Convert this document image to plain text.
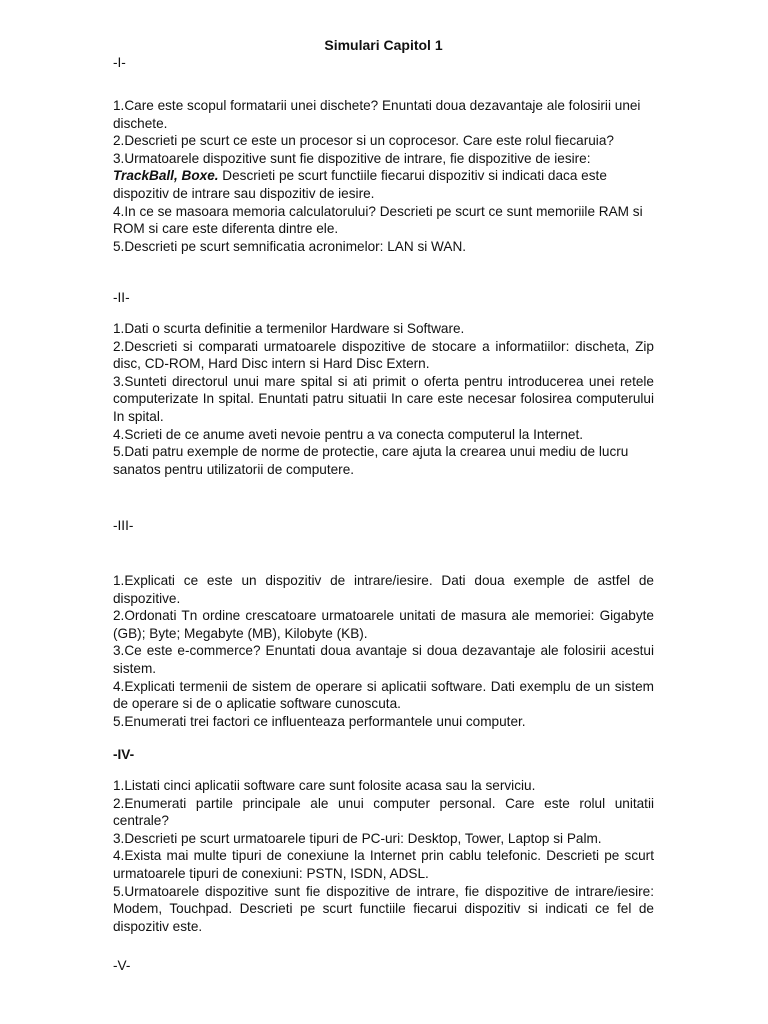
Simulari Capitol 1
-I-

1.Care este scopul formatarii unei dischete? Enuntati doua dezavantaje ale folosirii unei dischete.

2.Descrieti pe scurt ce este un procesor si un coprocesor. Care este rolul fiecaruia?

3.Urmatoarele dispozitive sunt fie dispozitive de intrare, fie dispozitive de iesire:
TrackBall, Boxe. Descrieti pe scurt functiile fiecarui dispozitiv si indicati daca este dispozitiv de intrare sau dispozitiv de iesire.

4.In ce se masoara memoria calculatorului? Descrieti pe scurt ce sunt memoriile RAM si ROM si care este diferenta dintre ele.

5.Descrieti pe scurt semnificatia acronimelor: LAN si WAN.

-II-

1.Dati o scurta definitie a termenilor Hardware si Software.

2.Descrieti si comparati urmatoarele dispozitive de stocare a informatiilor: discheta, Zip disc, CD-ROM, Hard Disc intern si Hard Disc Extern.

3.Sunteti directorul unui mare spital si ati primit o oferta pentru introducerea unei retele computerizate In spital. Enuntati patru situatii In care este necesar folosirea computerului In spital.

4.Scrieti de ce anume aveti nevoie pentru a va conecta computerul la Internet.

5.Dati patru exemple de norme de protectie, care ajuta la crearea unui mediu de lucru

sanatos pentru utilizatorii de computere.

-III-

1.Explicati ce este un dispozitiv de intrare/iesire. Dati doua exemple de astfel de dispozitive.

2.Ordonati Tn ordine crescatoare urmatoarele unitati de masura ale memoriei: Gigabyte (GB); Byte; Megabyte (MB), Kilobyte (KB).

3.Ce este e-commerce? Enuntati doua avantaje si doua dezavantaje ale folosirii acestui sistem.

4.Explicati termenii de sistem de operare si aplicatii software. Dati exemplu de un sistem de operare si de o aplicatie software cunoscuta.

5.Enumerati trei factori ce influenteaza performantele unui computer.

-IV-

1.Listati cinci aplicatii software care sunt folosite acasa sau la serviciu.

2.Enumerati partile principale ale unui computer personal. Care este rolul unitatii centrale?

3.Descrieti pe scurt urmatoarele tipuri de PC-uri: Desktop, Tower, Laptop si Palm.

4.Exista mai multe tipuri de conexiune la Internet prin cablu telefonic. Descrieti pe scurt urmatoarele tipuri de conexiuni: PSTN, ISDN, ADSL.

5.Urmatoarele dispozitive sunt fie dispozitive de intrare, fie dispozitive de intrare/iesire: Modem, Touchpad. Descrieti pe scurt functiile fiecarui dispozitiv si indicati ce fel de dispozitiv este.

-V-
